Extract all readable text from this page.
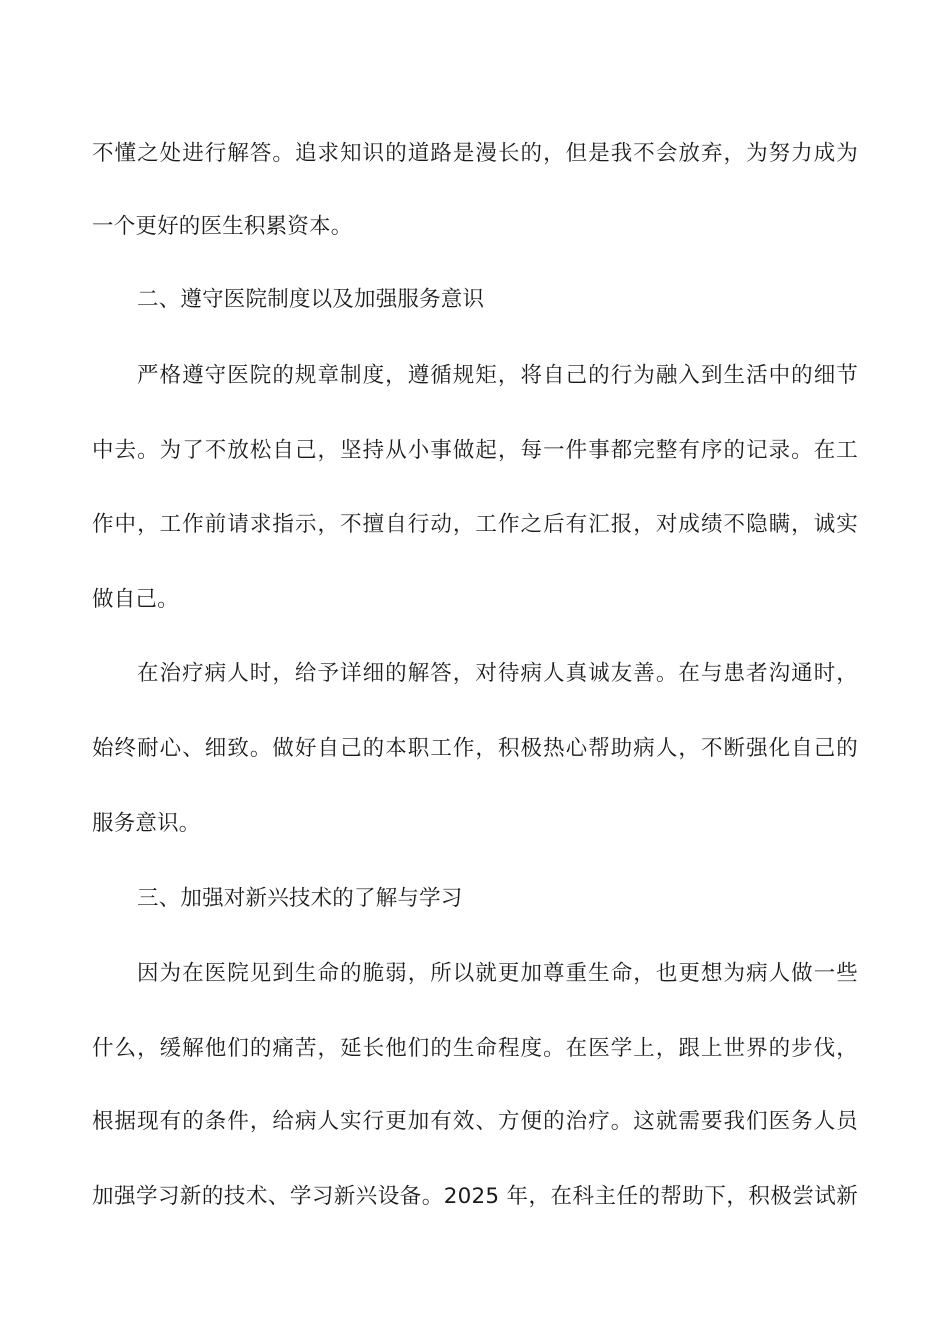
不懂之处进行解答。追求知识的道路是漫长的，但是我不会放弃，为努力成为
一个更好的医生积累资本。
二、遵守医院制度以及加强服务意识
严格遵守医院的规章制度，遵循规矩，将自己的行为融入到生活中的细节
中去。为了不放松自己，坚持从小事做起，每一件事都完整有序的记录。在工
作中，工作前请求指示，不擅自行动，工作之后有汇报，对成绩不隐瞒，诚实
做自己。
在治疗病人时，给予详细的解答，对待病人真诚友善。在与患者沟通时，
始终耐心、细致。做好自己的本职工作，积极热心帮助病人，不断强化自己的
服务意识。
三、加强对新兴技术的了解与学习
因为在医院见到生命的脆弱，所以就更加尊重生命，也更想为病人做一些
什么，缓解他们的痛苦，延长他们的生命程度。在医学上，跟上世界的步伐，
根据现有的条件，给病人实行更加有效、方便的治疗。这就需要我们医务人员
加强学习新的技术、学习新兴设备。2025 年，在科主任的帮助下，积极尝试新
